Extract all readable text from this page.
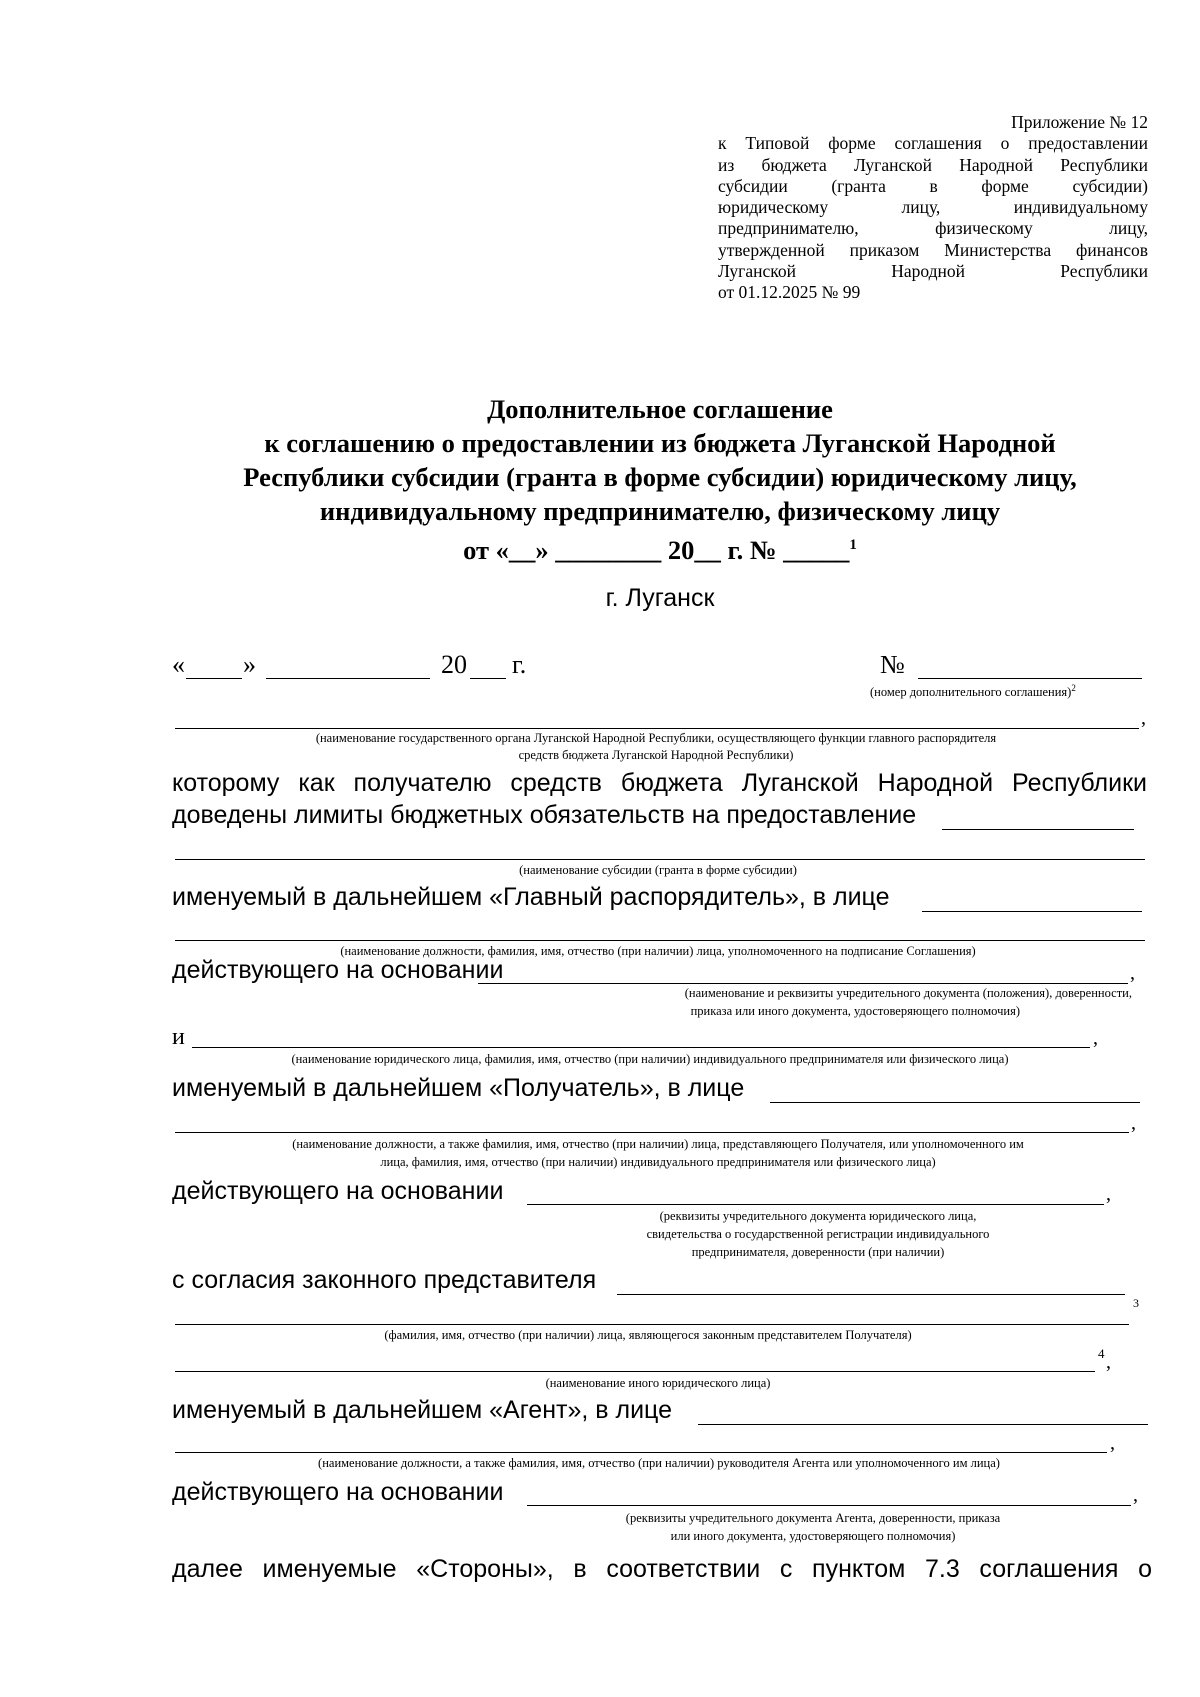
Приложение № 12
к Типовой форме соглашения о предоставлении
из бюджета Луганской Народной Республики
субсидии (гранта в форме субсидии)
юридическому лицу, индивидуальному
предпринимателю, физическому лицу,
утвержденной приказом Министерства финансов
Луганской Народной Республики
от 01.12.2025 № 99
Дополнительное соглашение
к соглашению о предоставлении из бюджета Луганской Народной
Республики субсидии (гранта в форме субсидии) юридическому лицу,
индивидуальному предпринимателю, физическому лицу
от «__» ________ 20__ г. № _____$^1$
г. Луганск
« »	20 г.	№
(номер дополнительного соглашения)$^2$
,
(наименование государственного органа Луганской Народной Республики, осуществляющего функции главного распорядителя
средств бюджета Луганской Народной Республики)
которому как получателю средств бюджета Луганской Народной Республики
доведены лимиты бюджетных обязательств на предоставление
(наименование субсидии (гранта в форме субсидии)
именуемый в дальнейшем «Главный распорядитель», в лице
(наименование должности, фамилия, имя, отчество (при наличии) лица, уполномоченного на подписание Соглашения)
действующего на основании	,
(наименование и реквизиты учредительного документа (положения), доверенности,
приказа или иного документа, удостоверяющего полномочия)
и	,
(наименование юридического лица, фамилия, имя, отчество (при наличии) индивидуального предпринимателя или физического лица)
именуемый в дальнейшем «Получатель», в лице
,
(наименование должности, а также фамилия, имя, отчество (при наличии) лица, представляющего Получателя, или уполномоченного им
лица, фамилия, имя, отчество (при наличии) индивидуального предпринимателя или физического лица)
действующего на основании	,
(реквизиты учредительного документа юридического лица,
свидетельства о государственной регистрации индивидуального
предпринимателя, доверенности (при наличии)
с согласия законного представителя
3
(фамилия, имя, отчество (при наличии) лица, являющегося законным представителем Получателя)
4 ,
(наименование иного юридического лица)
именуемый в дальнейшем «Агент», в лице
,
(наименование должности, а также фамилия, имя, отчество (при наличии) руководителя Агента или уполномоченного им лица)
действующего на основании	,
(реквизиты учредительного документа Агента, доверенности, приказа
или иного документа, удостоверяющего полномочия)
далее именуемые «Стороны», в соответствии с пунктом 7.3 соглашения о
